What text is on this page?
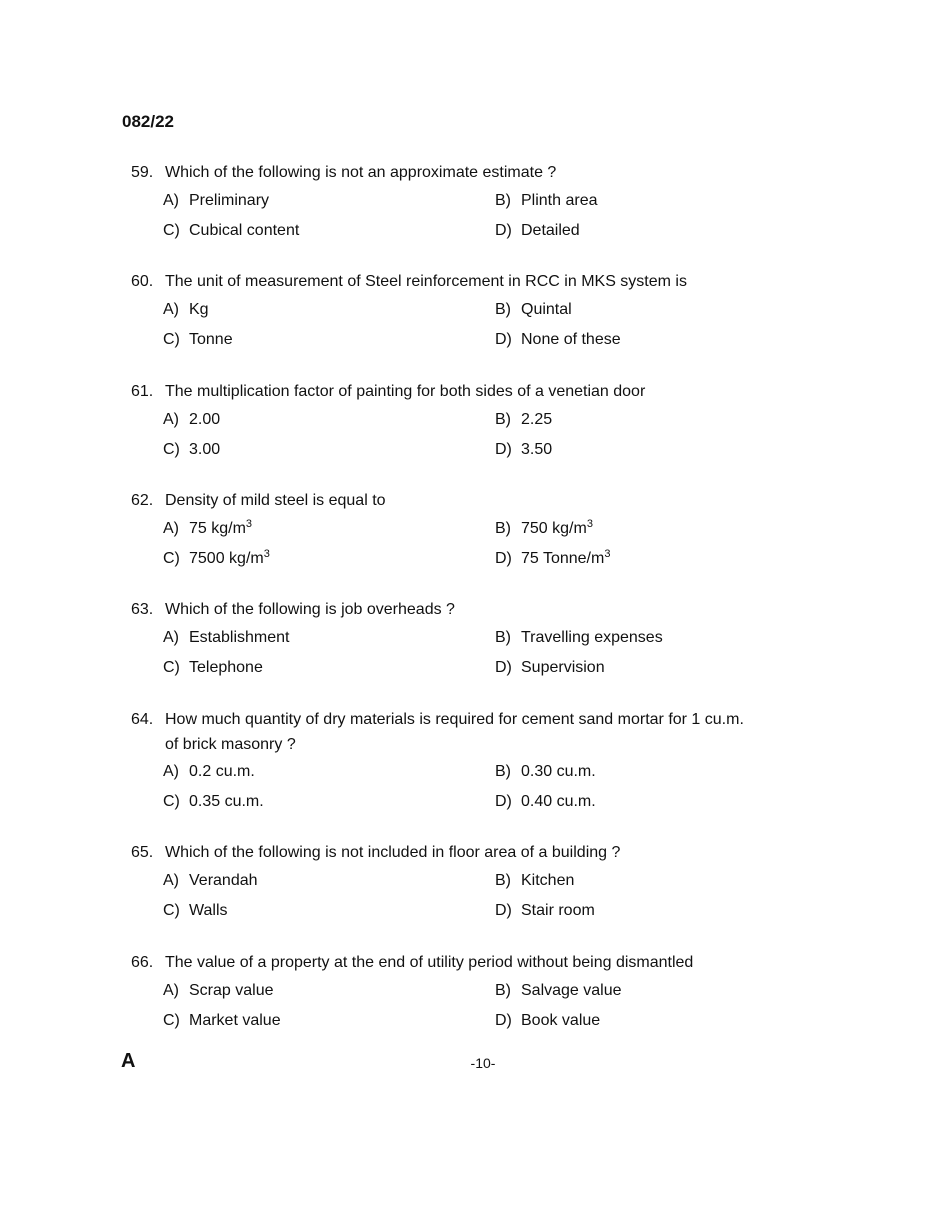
082/22
59. Which of the following is not an approximate estimate ?
A) Preliminary	B) Plinth area
C) Cubical content	D) Detailed
60. The unit of measurement of Steel reinforcement in RCC in MKS system is
A) Kg	B) Quintal
C) Tonne	D) None of these
61. The multiplication factor of painting for both sides of a venetian door
A) 2.00	B) 2.25
C) 3.00	D) 3.50
62. Density of mild steel is equal to
A) 75 $kg/m^3$	B) 750 $kg/m^3$
C) 7500 $kg/m^3$	D) 75 Tonne/$m^3$
63. Which of the following is job overheads ?
A) Establishment	B) Travelling expenses
C) Telephone	D) Supervision
64. How much quantity of dry materials is required for cement sand mortar for 1 cu.m.
of brick masonry ?
A) 0.2 cu.m.	B) 0.30 cu.m.
C) 0.35 cu.m.	D) 0.40 cu.m.
65. Which of the following is not included in floor area of a building ?
A) Verandah	B) Kitchen
C) Walls	D) Stair room
66. The value of a property at the end of utility period without being dismantled
A) Scrap value	B) Salvage value
C) Market value	D) Book value
A	-10-
